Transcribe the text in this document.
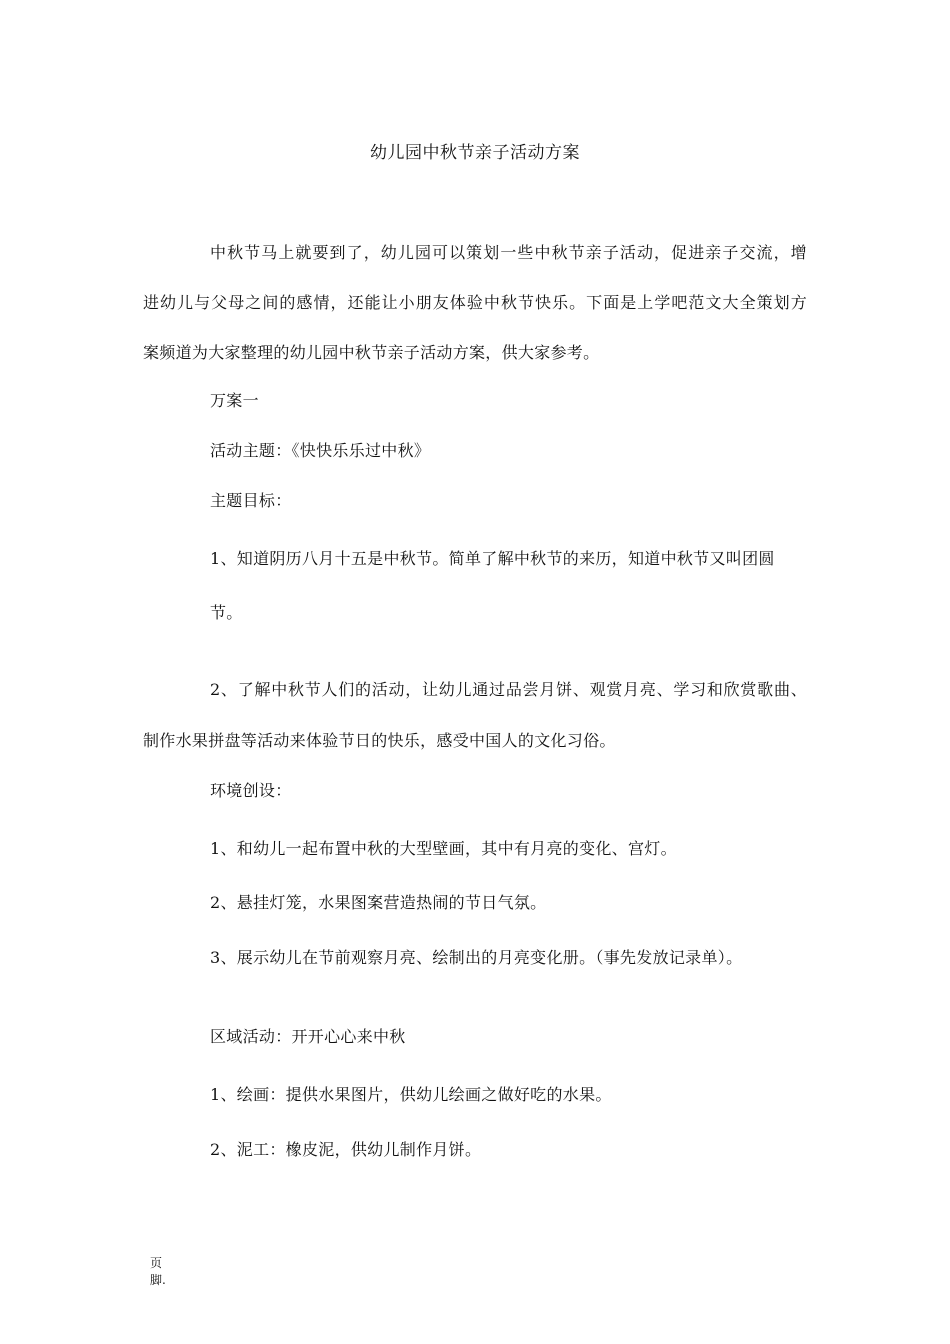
幼儿园中秋节亲子活动方案
中秋节马上就要到了，幼儿园可以策划一些中秋节亲子活动，促进亲子交流，增
进幼儿与父母之间的感情，还能让小朋友体验中秋节快乐。下面是上学吧范文大全策划方
案频道为大家整理的幼儿园中秋节亲子活动方案，供大家参考。
万案一
活动主题：《快快乐乐过中秋》
主题目标：
1、知道阴历八月十五是中秋节。简单了解中秋节的来历，知道中秋节又叫团圆
节。
2、了解中秋节人们的活动，让幼儿通过品尝月饼、观赏月亮、学习和欣赏歌曲、
制作水果拼盘等活动来体验节日的快乐，感受中国人的文化习俗。
环境创设：
1、和幼儿一起布置中秋的大型壁画，其中有月亮的变化、宫灯。
2、悬挂灯笼，水果图案营造热闹的节日气氛。
3、展示幼儿在节前观察月亮、绘制出的月亮变化册。（事先发放记录单）。
区域活动：开开心心来中秋
1、绘画：提供水果图片，供幼儿绘画之做好吃的水果。
2、泥工：橡皮泥，供幼儿制作月饼。
页
脚.
